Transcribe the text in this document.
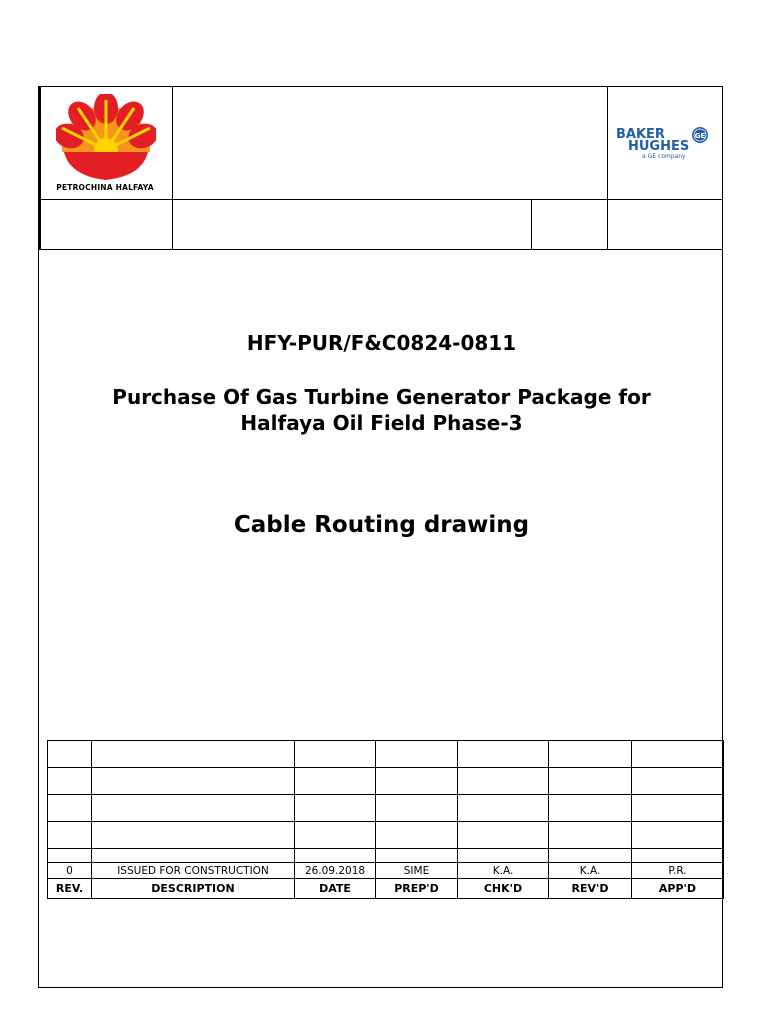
PETROCHINA HALFAYA
BAKER
HUGHES
a GE company
GE
HFY-PUR/F&C0824-0811
Purchase Of Gas Turbine Generator Package for
Halfaya Oil Field Phase-3
Cable Routing drawing

0	ISSUED FOR CONSTRUCTION	26.09.2018	SIME	K.A.	K.A.	P.R.
REV.	DESCRIPTION	DATE	PREP'D	CHK'D	REV'D	APP'D
